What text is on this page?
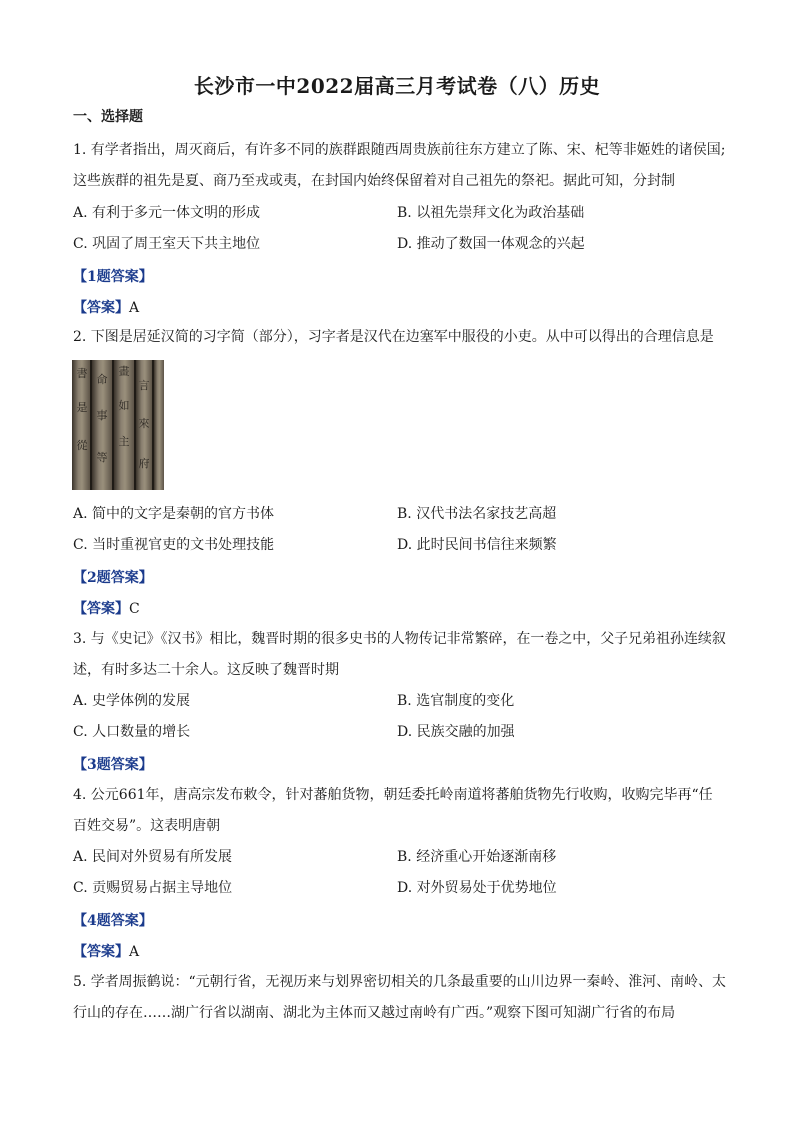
长沙市一中2022届高三月考试卷（八）历史
一、选择题
1. 有学者指出，周灭商后，有许多不同的族群跟随西周贵族前往东方建立了陈、宋、杞等非姬姓的诸侯国;
这些族群的祖先是夏、商乃至戎或夷，在封国内始终保留着对自己祖先的祭祀。据此可知，分封制
A. 有利于多元一体文明的形成	B. 以祖先崇拜文化为政治基础
C. 巩固了周王室天下共主地位	D. 推动了数国一体观念的兴起
【1题答案】
【答案】A
2. 下图是居延汉简的习字简（部分），习字者是汉代在边塞军中服役的小吏。从中可以得出的合理信息是
書
是
從
命
事
等
畫
如
主
言
來
府
A. 简中的文字是秦朝的官方书体	B. 汉代书法名家技艺高超
C. 当时重视官吏的文书处理技能	D. 此时民间书信往来频繁
【2题答案】
【答案】C
3. 与《史记》《汉书》相比，魏晋时期的很多史书的人物传记非常繁碎，在一卷之中，父子兄弟祖孙连续叙
述，有时多达二十余人。这反映了魏晋时期
A. 史学体例的发展	B. 选官制度的变化
C. 人口数量的增长	D. 民族交融的加强
【3题答案】
4. 公元661年，唐高宗发布敕令，针对蕃舶货物，朝廷委托岭南道将蕃舶货物先行收购，收购完毕再“任
百姓交易”。这表明唐朝
A. 民间对外贸易有所发展	B. 经济重心开始逐渐南移
C. 贡赐贸易占据主导地位	D. 对外贸易处于优势地位
【4题答案】
【答案】A
5. 学者周振鹤说：“元朝行省，无视历来与划界密切相关的几条最重要的山川边界一秦岭、淮河、南岭、太
行山的存在……湖广行省以湖南、湖北为主体而又越过南岭有广西。”观察下图可知湖广行省的布局
